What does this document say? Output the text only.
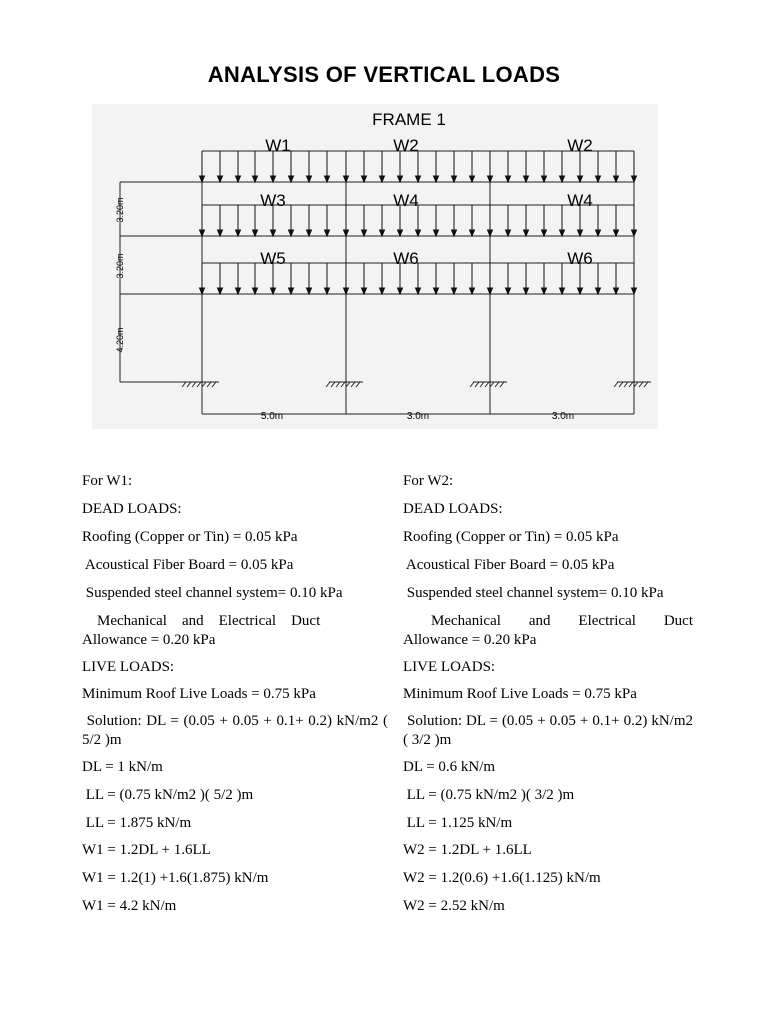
ANALYSIS OF VERTICAL LOADS
FRAME 1
W1	W2	W2
W3	W4	W4
W5	W6	W6
3.20m
3.20m
4.20m
5.0m	3.0m	3.0m
For W1:
DEAD LOADS:
Roofing (Copper or Tin) = 0.05 kPa
Acoustical Fiber Board = 0.05 kPa
Suspended steel channel system= 0.10 kPa
Mechanical    and    Electrical    Duct Allowance = 0.20 kPa
LIVE LOADS:
Minimum Roof Live Loads = 0.75 kPa
Solution: DL = (0.05 + 0.05 + 0.1+ 0.2) kN/m2 ( 5/2 )m
DL = 1 kN/m
LL = (0.75 kN/m2 )( 5/2 )m
LL = 1.875 kN/m
W1 = 1.2DL + 1.6LL
W1 = 1.2(1) +1.6(1.875) kN/m
W1 = 4.2 kN/m
For W2:
DEAD LOADS:
Roofing (Copper or Tin) = 0.05 kPa
Acoustical Fiber Board = 0.05 kPa
Suspended steel channel system= 0.10 kPa
Mechanical    and    Electrical    Duct Allowance = 0.20 kPa
LIVE LOADS:
Minimum Roof Live Loads = 0.75 kPa
Solution: DL = (0.05 + 0.05 + 0.1+ 0.2) kN/m2 ( 3/2 )m
DL = 0.6 kN/m
LL = (0.75 kN/m2 )( 3/2 )m
LL = 1.125 kN/m
W2 = 1.2DL + 1.6LL
W2 = 1.2(0.6) +1.6(1.125) kN/m
W2 = 2.52 kN/m
